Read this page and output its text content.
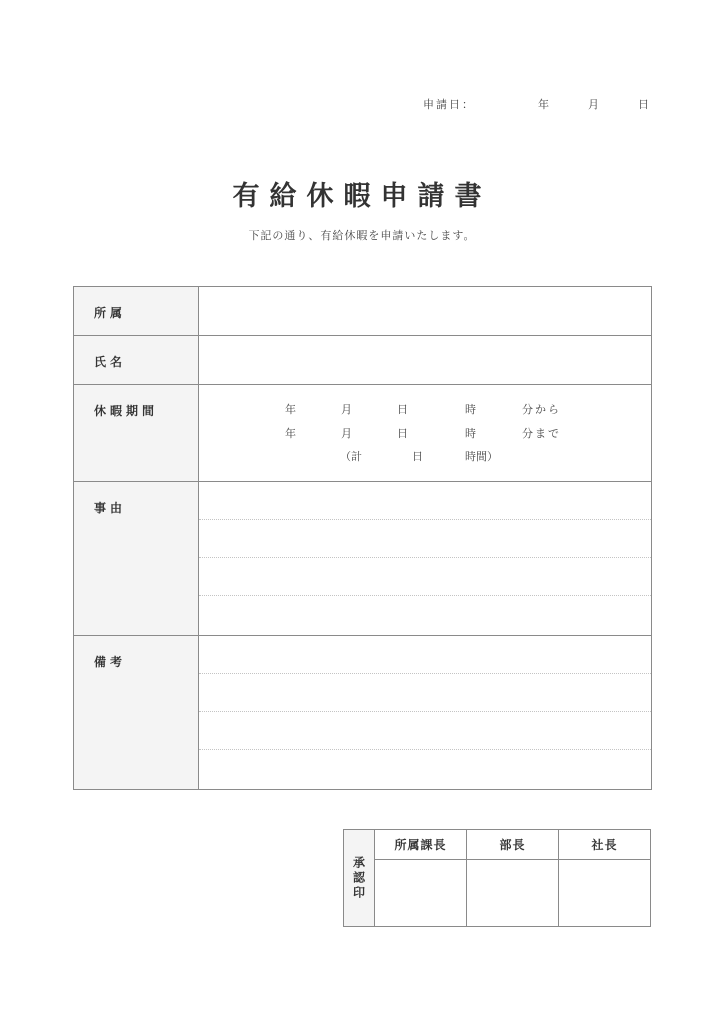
申請日：	年	月	日
有給休暇申請書
下記の通り、有給休暇を申請いたします。
所属
氏名
休暇期間	年	月	日	時	分から
年	月	日	時	分まで
（計	日	時間）
事由
備考
承認印
所属課長	部長	社長
